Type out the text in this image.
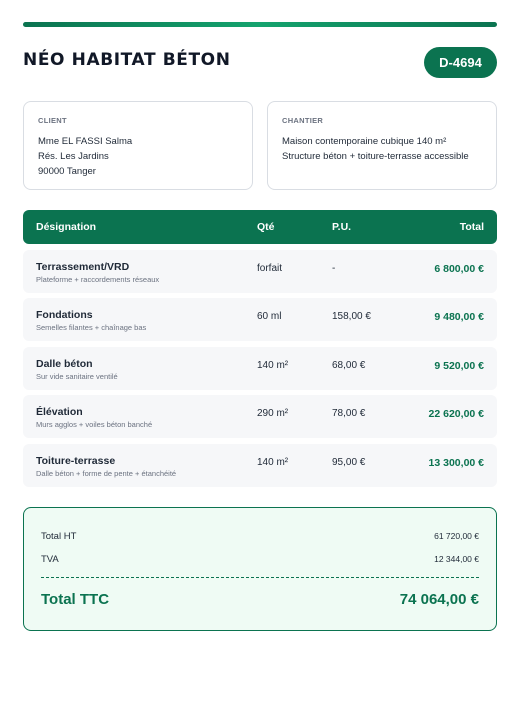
NÉO HABITAT BÉTON	D-4694
CLIENT
Mme EL FASSI Salma
Rés. Les Jardins
90000 Tanger
CHANTIER
Maison contemporaine cubique 140 m²
Structure béton + toiture-terrasse accessible
Désignation	Qté	P.U.	Total
Terrassement/VRD
Plateforme + raccordements réseaux
forfait	-	6 800,00 €
Fondations
Semelles filantes + chaînage bas
60 ml	158,00 €	9 480,00 €
Dalle béton
Sur vide sanitaire ventilé
140 m²	68,00 €	9 520,00 €
Élévation
Murs agglos + voiles béton banché
290 m²	78,00 €	22 620,00 €
Toiture-terrasse
Dalle béton + forme de pente + étanchéité
140 m²	95,00 €	13 300,00 €
Total HT	61 720,00 €
TVA	12 344,00 €
Total TTC	74 064,00 €
